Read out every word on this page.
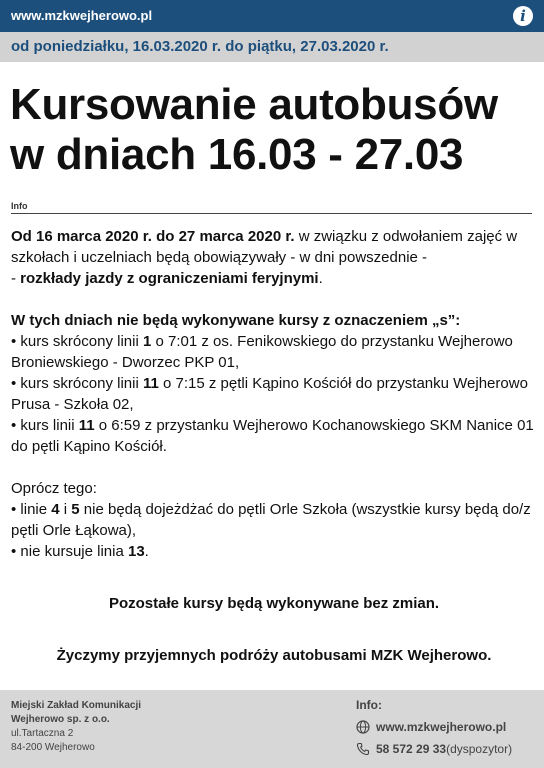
www.mzkwejherowo.pl	i
od poniedziałku, 16.03.2020 r. do piątku, 27.03.2020 r.
Kursowanie autobusów
w dniach 16.03 - 27.03
Info

Od 16 marca 2020 r. do 27 marca 2020 r. w związku z odwołaniem zajęć w szkołach i uczelniach będą obowiązywały - w dni powszednie -
- rozkłady jazdy z ograniczeniami feryjnymi.

W tych dniach nie będą wykonywane kursy z oznaczeniem „s”:

• kurs skrócony linii 1 o 7:01 z os. Fenikowskiego do przystanku Wejherowo Broniewskiego - Dworzec PKP 01,

• kurs skrócony linii 11 o 7:15 z pętli Kąpino Kościół do przystanku Wejherowo Prusa - Szkoła 02,

• kurs linii 11 o 6:59 z przystanku Wejherowo Kochanowskiego SKM Nanice 01 do pętli Kąpino Kościół.

Oprócz tego:

• linie 4 i 5 nie będą dojeżdżać do pętli Orle Szkoła (wszystkie kursy będą do/z pętli Orle Łąkowa),

• nie kursuje linia 13.

Pozostałe kursy będą wykonywane bez zmian.

Życzymy przyjemnych podróży autobusami MZK Wejherowo.

Miejski Zakład Komunikacji
Wejherowo sp. z o.o.
ul.Tartaczna 2
84-200 Wejherowo
Info:
www.mzkwejherowo.pl
58 572 29 33 (dyspozytor)
